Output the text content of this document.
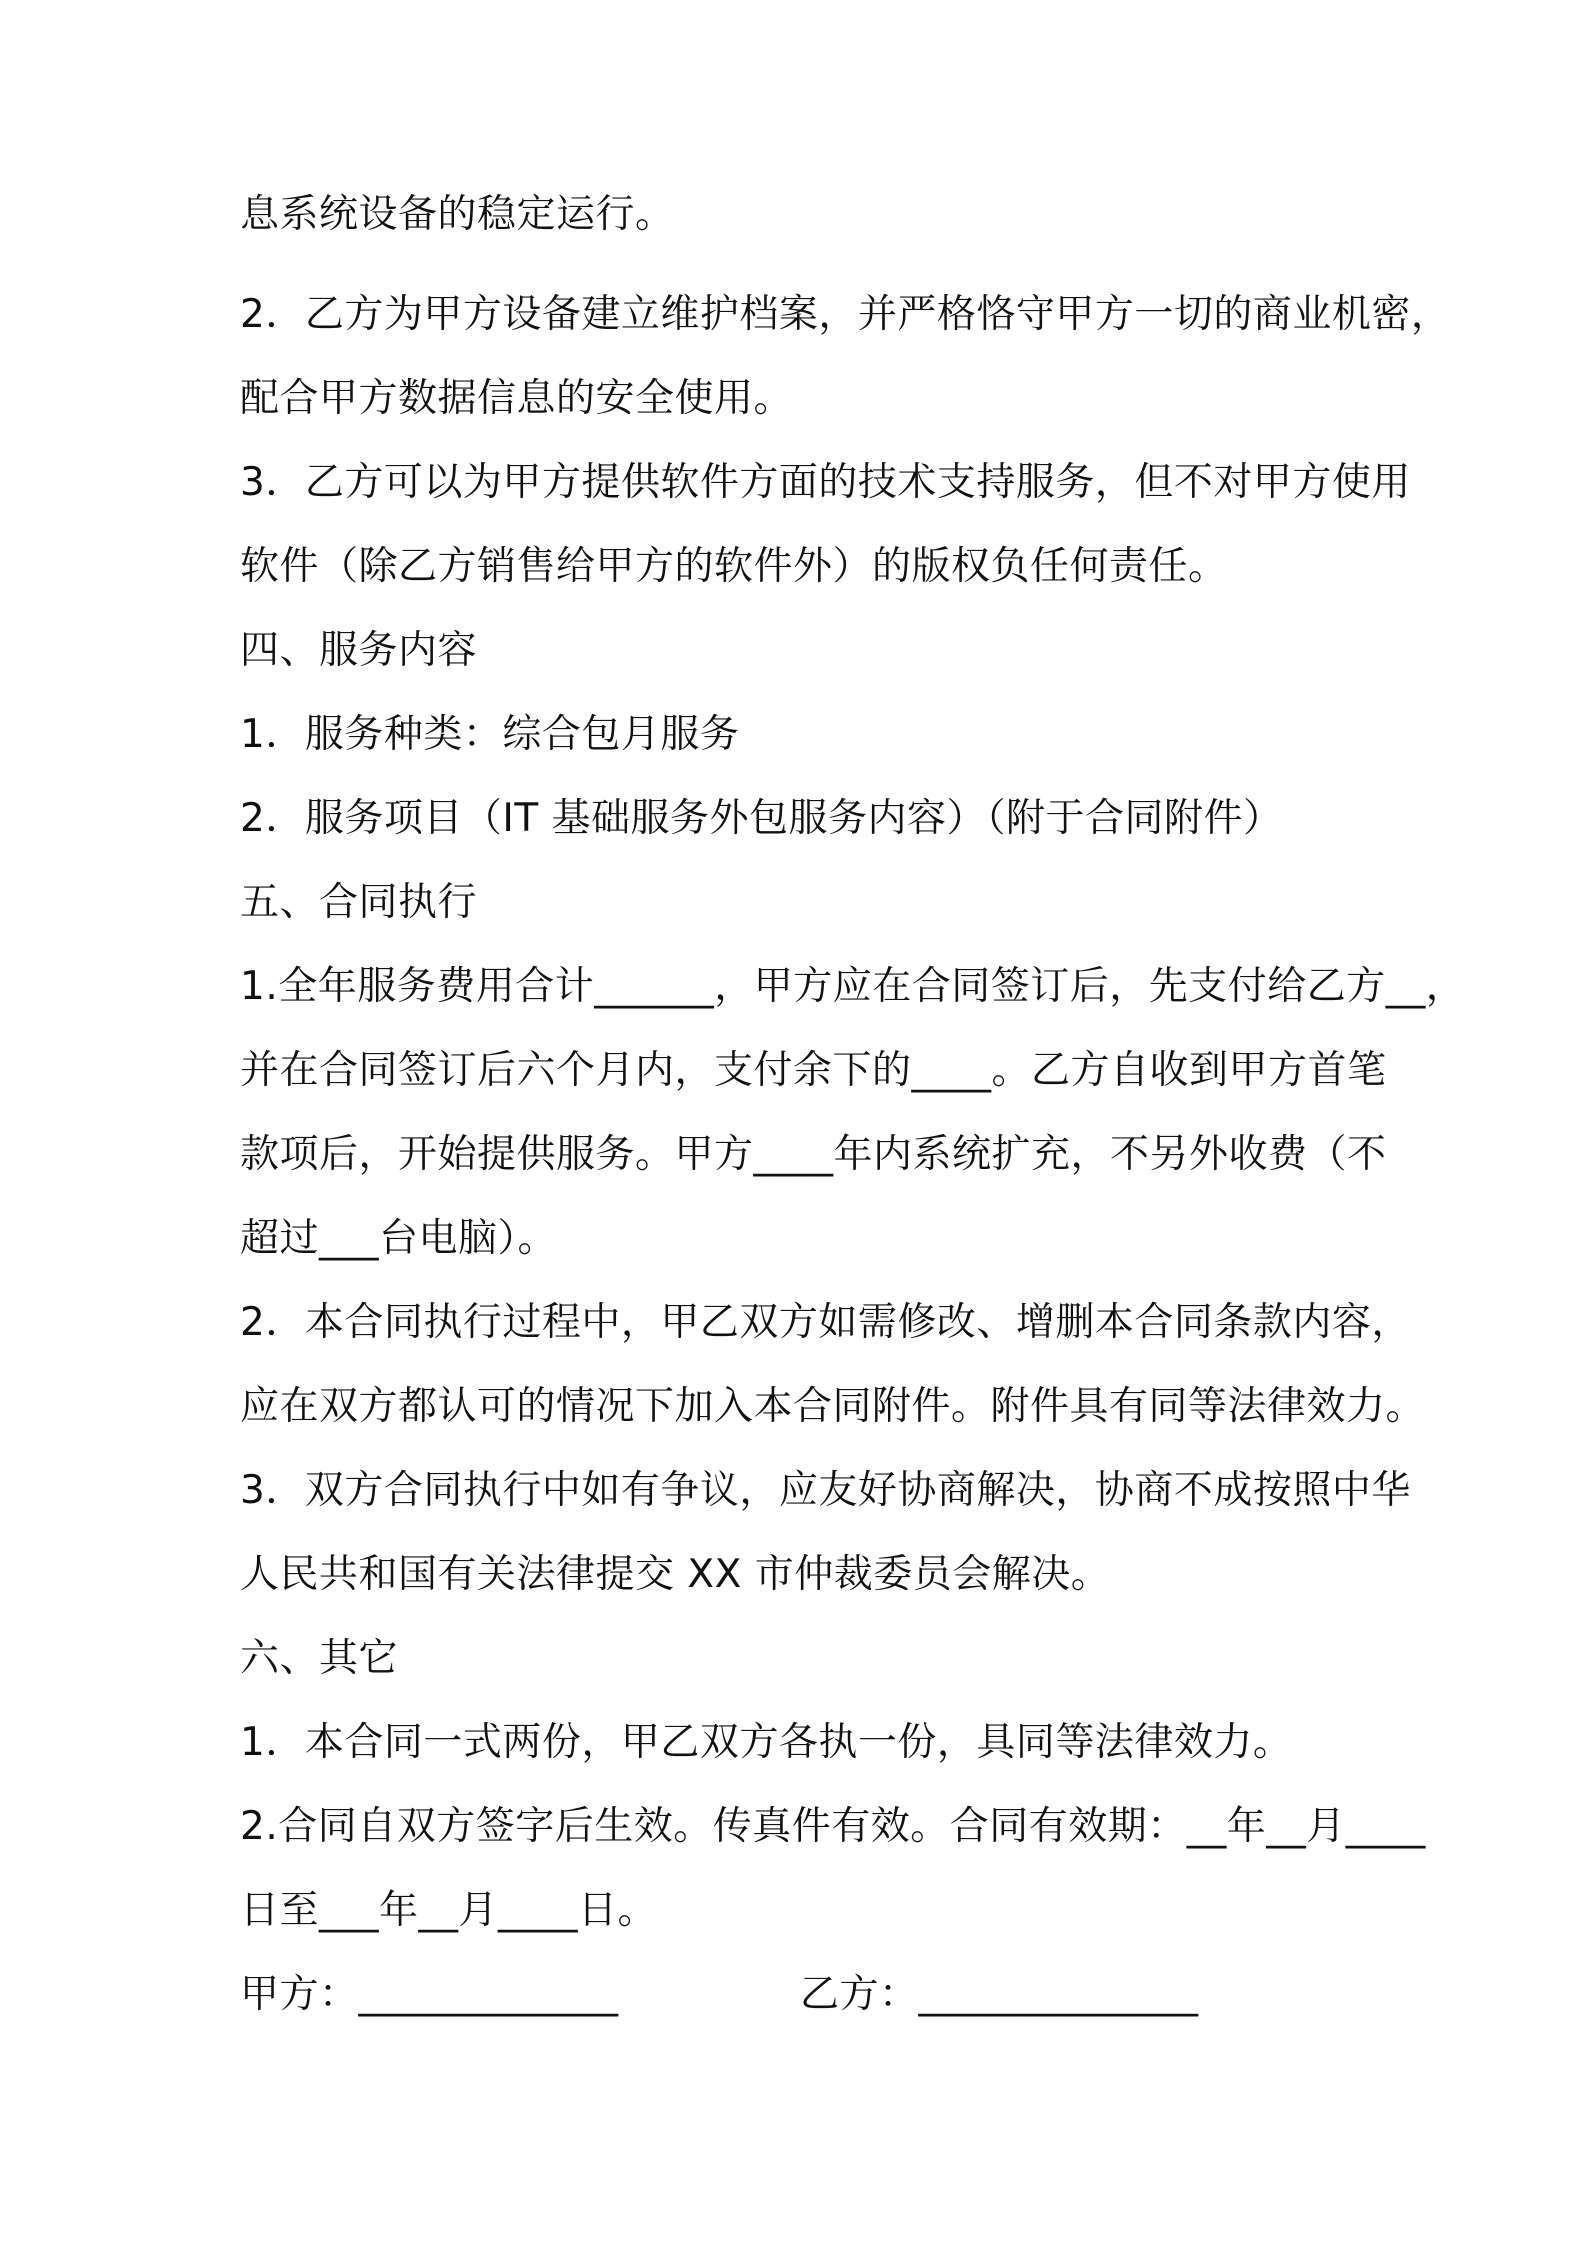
息系统设备的稳定运行。

2．乙方为甲方设备建立维护档案，并严格恪守甲方一切的商业机密，

配合甲方数据信息的安全使用。

3．乙方可以为甲方提供软件方面的技术支持服务，但不对甲方使用

软件（除乙方销售给甲方的软件外）的版权负任何责任。

四、服务内容

1．服务种类：综合包月服务

2．服务项目（IT 基础服务外包服务内容）（附于合同附件）

五、合同执行

1.全年服务费用合计______，甲方应在合同签订后，先支付给乙方__，

并在合同签订后六个月内，支付余下的____。乙方自收到甲方首笔

款项后，开始提供服务。甲方____年内系统扩充，不另外收费（不

超过___台电脑）。

2．本合同执行过程中，甲乙双方如需修改、增删本合同条款内容，

应在双方都认可的情况下加入本合同附件。附件具有同等法律效力。

3．双方合同执行中如有争议，应友好协商解决，协商不成按照中华

人民共和国有关法律提交 XX 市仲裁委员会解决。

六、其它

1．本合同一式两份，甲乙双方各执一份，具同等法律效力。

2.合同自双方签字后生效。传真件有效。合同有效期：__年__月____

日至___年__月____日。

甲方：_____________	乙方：______________
